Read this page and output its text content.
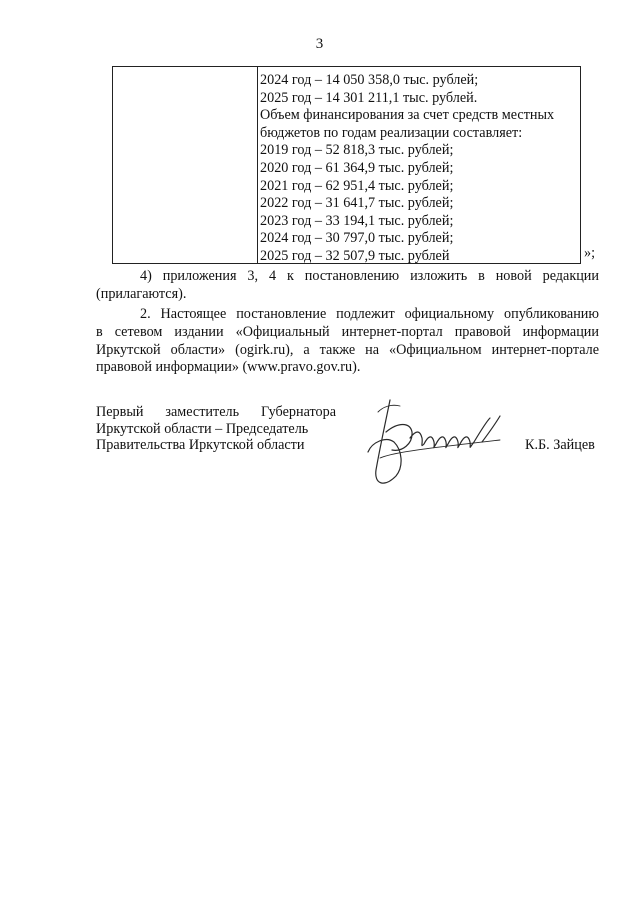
3
2024 год – 14 050 358,0 тыс. рублей;
2025 год – 14 301 211,1 тыс. рублей.
Объем финансирования за счет средств местных
бюджетов по годам реализации составляет:
2019 год – 52 818,3 тыс. рублей;
2020 год – 61 364,9 тыс. рублей;
2021 год – 62 951,4 тыс. рублей;
2022 год – 31 641,7 тыс. рублей;
2023 год – 33 194,1 тыс. рублей;
2024 год – 30 797,0 тыс. рублей;
2025 год – 32 507,9 тыс. рублей	»;
4) приложения 3, 4 к постановлению изложить в новой редакции
(прилагаются).
2. Настоящее постановление подлежит официальному опубликованию
в сетевом издании «Официальный интернет-портал правовой информации
Иркутской области» (ogirk.ru), а также на «Официальном интернет-портале
правовой информации» (www.pravo.gov.ru).
Первый заместитель Губернатора
Иркутской области – Председатель
Правительства Иркутской области	К.Б. Зайцев
